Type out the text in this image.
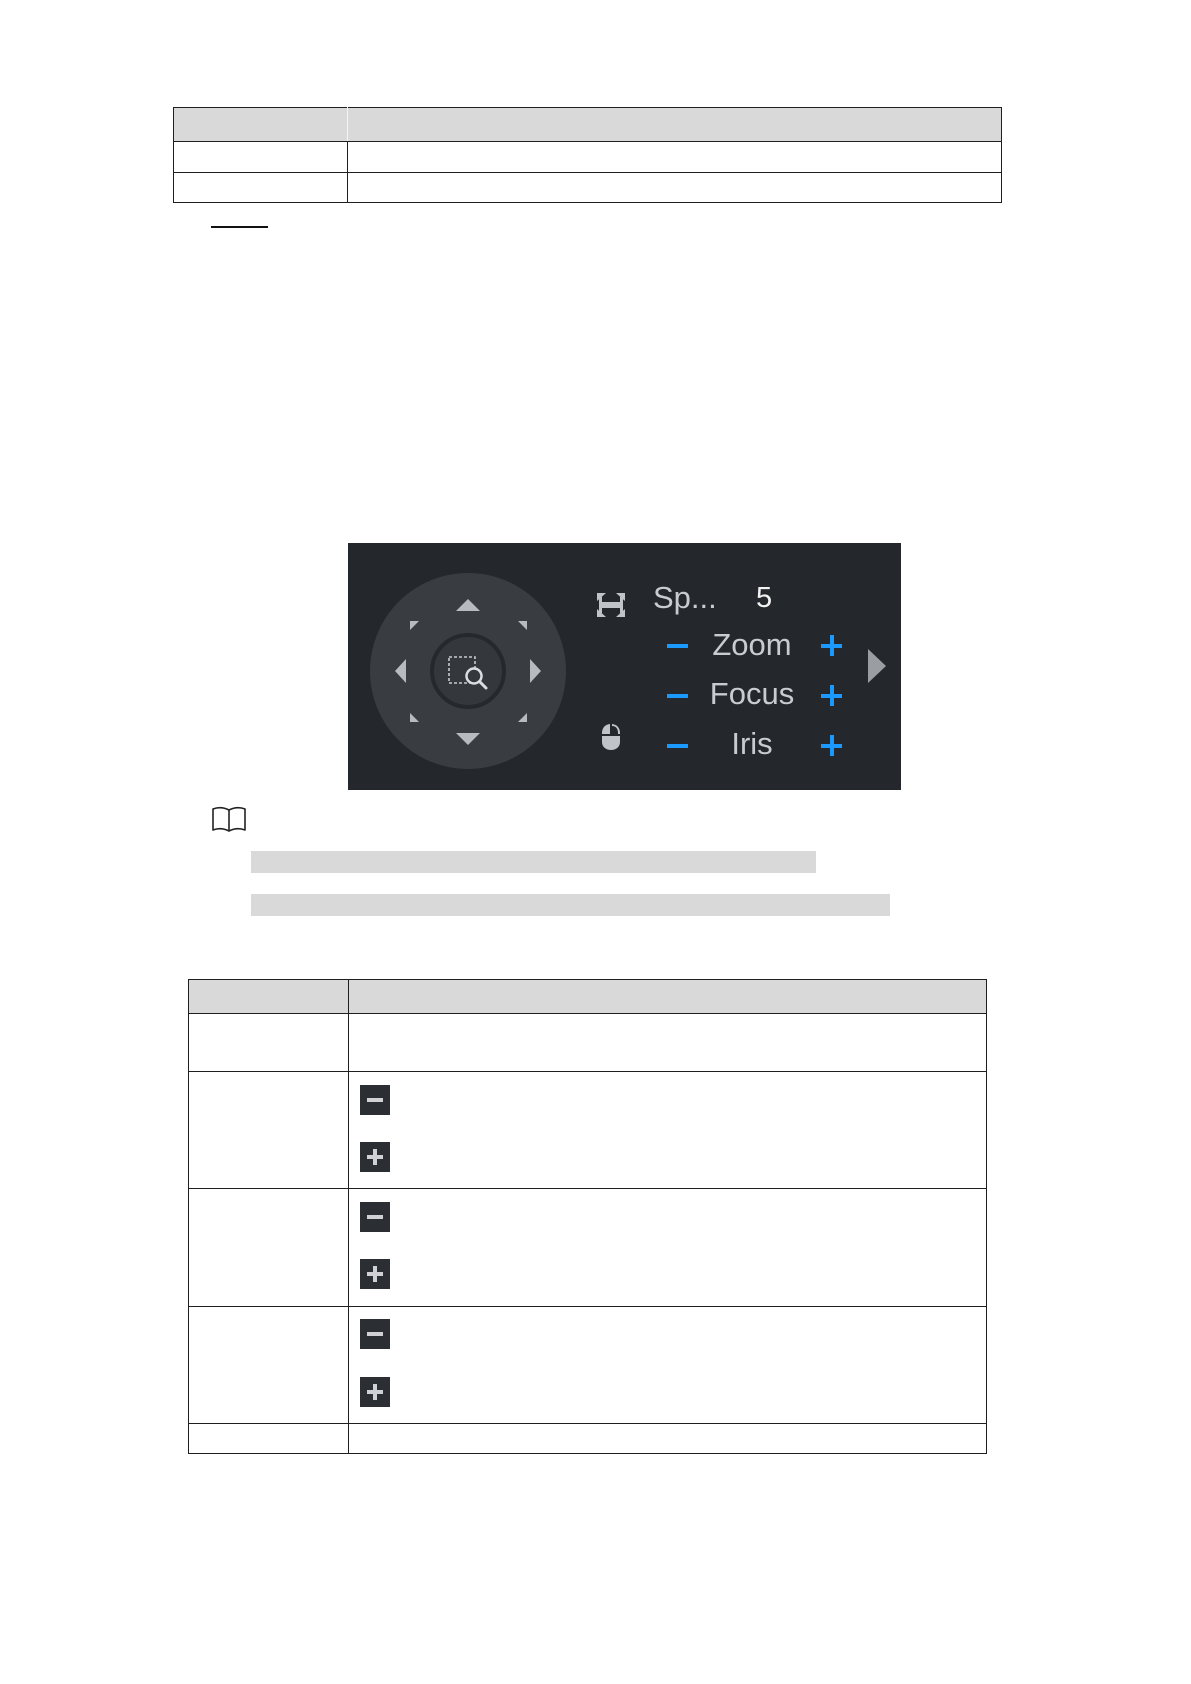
Sp... 5
Zoom
Focus
Iris
